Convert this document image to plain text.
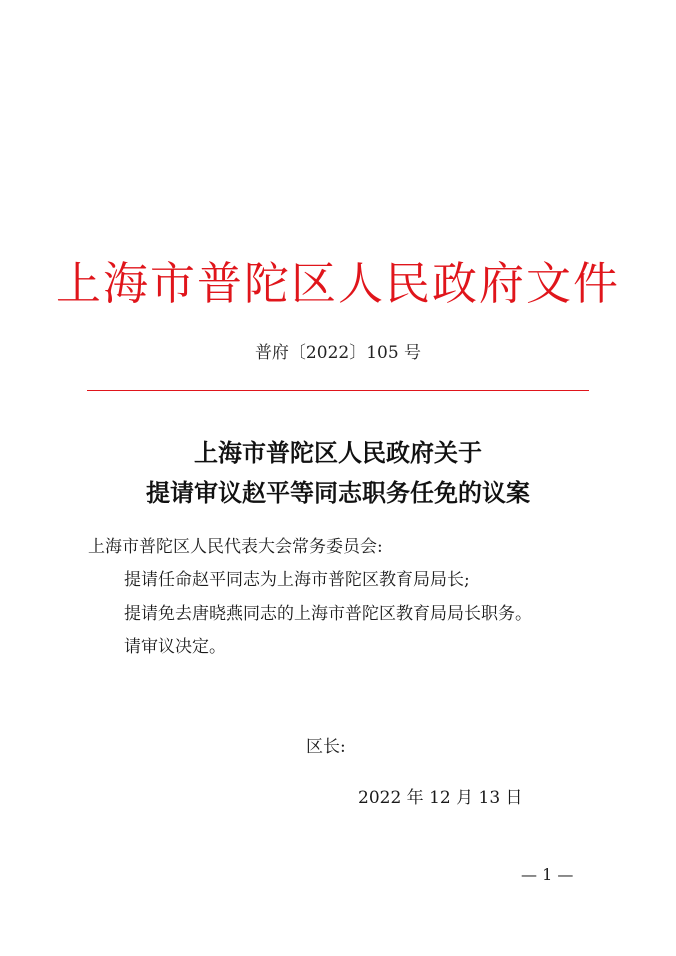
上海市普陀区人民政府文件
普府〔2022〕105 号
上海市普陀区人民政府关于
提请审议赵平等同志职务任免的议案
上海市普陀区人民代表大会常务委员会:
提请任命赵平同志为上海市普陀区教育局局长;
提请免去唐晓燕同志的上海市普陀区教育局局长职务。
请审议决定。
区长:
2022 年 12 月 13 日
— 1 —
